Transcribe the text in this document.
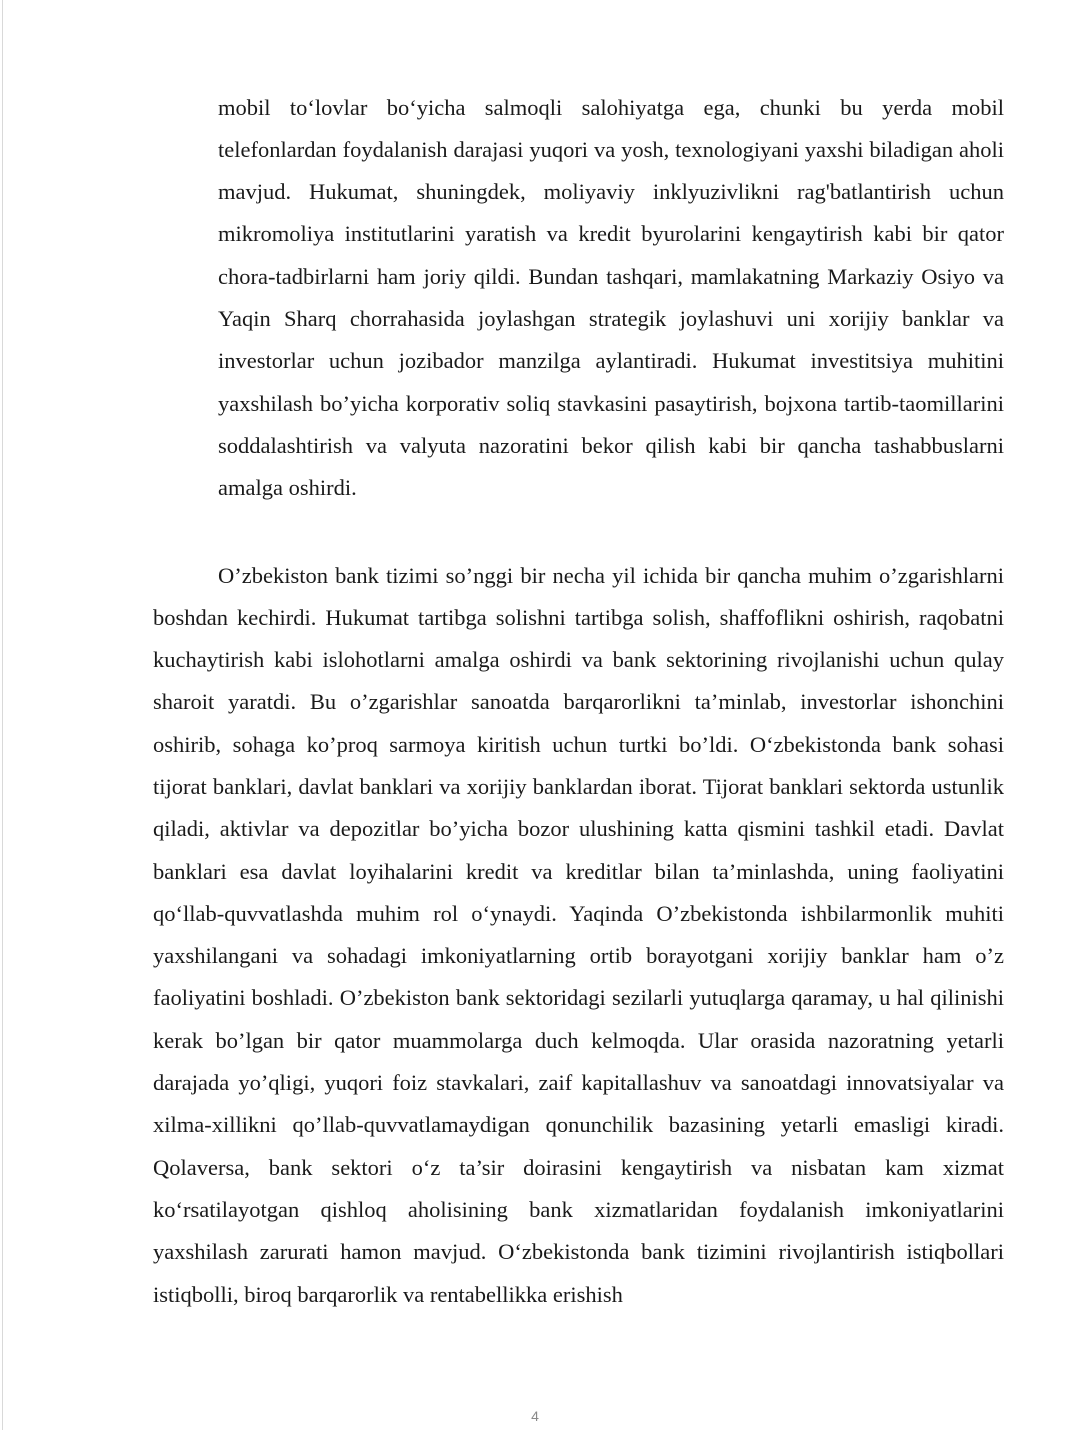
mobil to‘lovlar bo‘yicha salmoqli salohiyatga ega, chunki bu yerda mobil telefonlardan foydalanish darajasi yuqori va yosh, texnologiyani yaxshi biladigan aholi mavjud. Hukumat, shuningdek, moliyaviy inklyuzivlikni rag'batlantirish uchun mikromoliya institutlarini yaratish va kredit byurolarini kengaytirish kabi bir qator chora-tadbirlarni ham joriy qildi. Bundan tashqari, mamlakatning Markaziy Osiyo va Yaqin Sharq chorrahasida joylashgan strategik joylashuvi uni xorijiy banklar va investorlar uchun jozibador manzilga aylantiradi. Hukumat investitsiya muhitini yaxshilash bo’yicha korporativ soliq stavkasini pasaytirish, bojxona tartib-taomillarini soddalashtirish va valyuta nazoratini bekor qilish kabi bir qancha tashabbuslarni amalga oshirdi.

O’zbekiston bank tizimi so’nggi bir necha yil ichida bir qancha muhim o’zgarishlarni boshdan kechirdi. Hukumat tartibga solishni tartibga solish, shaffoflikni oshirish, raqobatni kuchaytirish kabi islohotlarni amalga oshirdi va bank sektorining rivojlanishi uchun qulay sharoit yaratdi. Bu o’zgarishlar sanoatda barqarorlikni ta’minlab, investorlar ishonchini oshirib, sohaga ko’proq sarmoya kiritish uchun turtki bo’ldi. O‘zbekistonda bank sohasi tijorat banklari, davlat banklari va xorijiy banklardan iborat. Tijorat banklari sektorda ustunlik qiladi, aktivlar va depozitlar bo’yicha bozor ulushining katta qismini tashkil etadi. Davlat banklari esa davlat loyihalarini kredit va kreditlar bilan ta’minlashda, uning faoliyatini qo‘llab-quvvatlashda muhim rol o‘ynaydi. Yaqinda O’zbekistonda ishbilarmonlik muhiti yaxshilangani va sohadagi imkoniyatlarning ortib borayotgani xorijiy banklar ham o’z faoliyatini boshladi. O’zbekiston bank sektoridagi sezilarli yutuqlarga qaramay, u hal qilinishi kerak bo’lgan bir qator muammolarga duch kelmoqda. Ular orasida nazoratning yetarli darajada yo’qligi, yuqori foiz stavkalari, zaif kapitallashuv va sanoatdagi innovatsiyalar va xilma-xillikni qo’llab-quvvatlamaydigan qonunchilik bazasining yetarli emasligi kiradi. Qolaversa, bank sektori o‘z ta’sir doirasini kengaytirish va nisbatan kam xizmat ko‘rsatilayotgan qishloq aholisining bank xizmatlaridan foydalanish imkoniyatlarini yaxshilash zarurati hamon mavjud. O‘zbekistonda bank tizimini rivojlantirish istiqbollari istiqbolli, biroq barqarorlik va rentabellikka erishish

4
